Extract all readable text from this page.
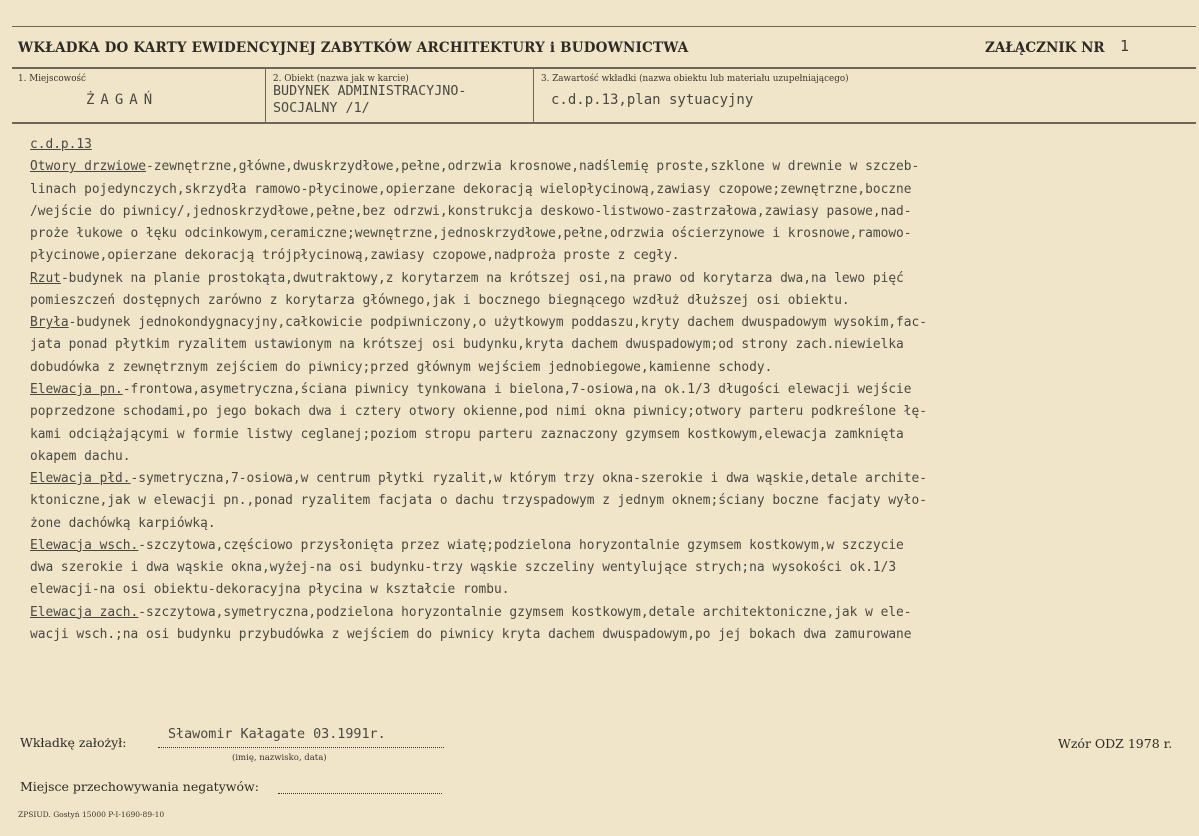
WKŁADKA DO KARTY EWIDENCYJNEJ ZABYTKÓW ARCHITEKTURY i BUDOWNICTWA	ZAŁĄCZNIK NR 1
1. Miejscowość
ŻAGAŃ
2. Obiekt (nazwa jak w karcie)
BUDYNEK ADMINISTRACYJNO-
SOCJALNY /1/
3. Zawartość wkładki (nazwa obiektu lub materiału uzupełniającego)
c.d.p.13,plan sytuacyjny
c.d.p.13
Otwory drzwiowe-zewnętrzne,główne,dwuskrzydłowe,pełne,odrzwia krosnowe,nadślemię proste,szklone w drewnie w szczeb-
linach pojedynczych,skrzydła ramowo-płycinowe,opierzane dekoracją wielopłycinową,zawiasy czopowe;zewnętrzne,boczne
/wejście do piwnicy/,jednoskrzydłowe,pełne,bez odrzwi,konstrukcja deskowo-listwowo-zastrzałowa,zawiasy pasowe,nad-
proże łukowe o łęku odcinkowym,ceramiczne;wewnętrzne,jednoskrzydłowe,pełne,odrzwia ościerzynowe i krosnowe,ramowo-
płycinowe,opierzane dekoracją trójpłycinową,zawiasy czopowe,nadproża proste z cegły.
Rzut-budynek na planie prostokąta,dwutraktowy,z korytarzem na krótszej osi,na prawo od korytarza dwa,na lewo pięć
pomieszczeń dostępnych zarówno z korytarza głównego,jak i bocznego biegnącego wzdłuż dłuższej osi obiektu.
Bryła-budynek jednokondygnacyjny,całkowicie podpiwniczony,o użytkowym poddaszu,kryty dachem dwuspadowym wysokim,fac-
jata ponad płytkim ryzalitem ustawionym na krótszej osi budynku,kryta dachem dwuspadowym;od strony zach.niewielka
dobudówka z zewnętrznym zejściem do piwnicy;przed głównym wejściem jednobiegowe,kamienne schody.
Elewacja pn.-frontowa,asymetryczna,ściana piwnicy tynkowana i bielona,7-osiowa,na ok.1/3 długości elewacji wejście
poprzedzone schodami,po jego bokach dwa i cztery otwory okienne,pod nimi okna piwnicy;otwory parteru podkreślone łę-
kami odciążającymi w formie listwy ceglanej;poziom stropu parteru zaznaczony gzymsem kostkowym,elewacja zamknięta
okapem dachu.
Elewacja płd.-symetryczna,7-osiowa,w centrum płytki ryzalit,w którym trzy okna-szerokie i dwa wąskie,detale archite-
ktoniczne,jak w elewacji pn.,ponad ryzalitem facjata o dachu trzyspadowym z jednym oknem;ściany boczne facjaty wyło-
żone dachówką karpiówką.
Elewacja wsch.-szczytowa,częściowo przysłonięta przez wiatę;podzielona horyzontalnie gzymsem kostkowym,w szczycie
dwa szerokie i dwa wąskie okna,wyżej-na osi budynku-trzy wąskie szczeliny wentylujące strych;na wysokości ok.1/3
elewacji-na osi obiektu-dekoracyjna płycina w kształcie rombu.
Elewacja zach.-szczytowa,symetryczna,podzielona horyzontalnie gzymsem kostkowym,detale architektoniczne,jak w ele-
wacji wsch.;na osi budynku przybudówka z wejściem do piwnicy kryta dachem dwuspadowym,po jej bokach dwa zamurowane
Wkładkę założył:
Sławomir Kałagate 03.1991r.
(imię, nazwisko, data)
Wzór ODZ 1978 r.
Miejsce przechowywania negatywów:
ZPSIUD. Gostyń 15000 P-I-1690-89-10
